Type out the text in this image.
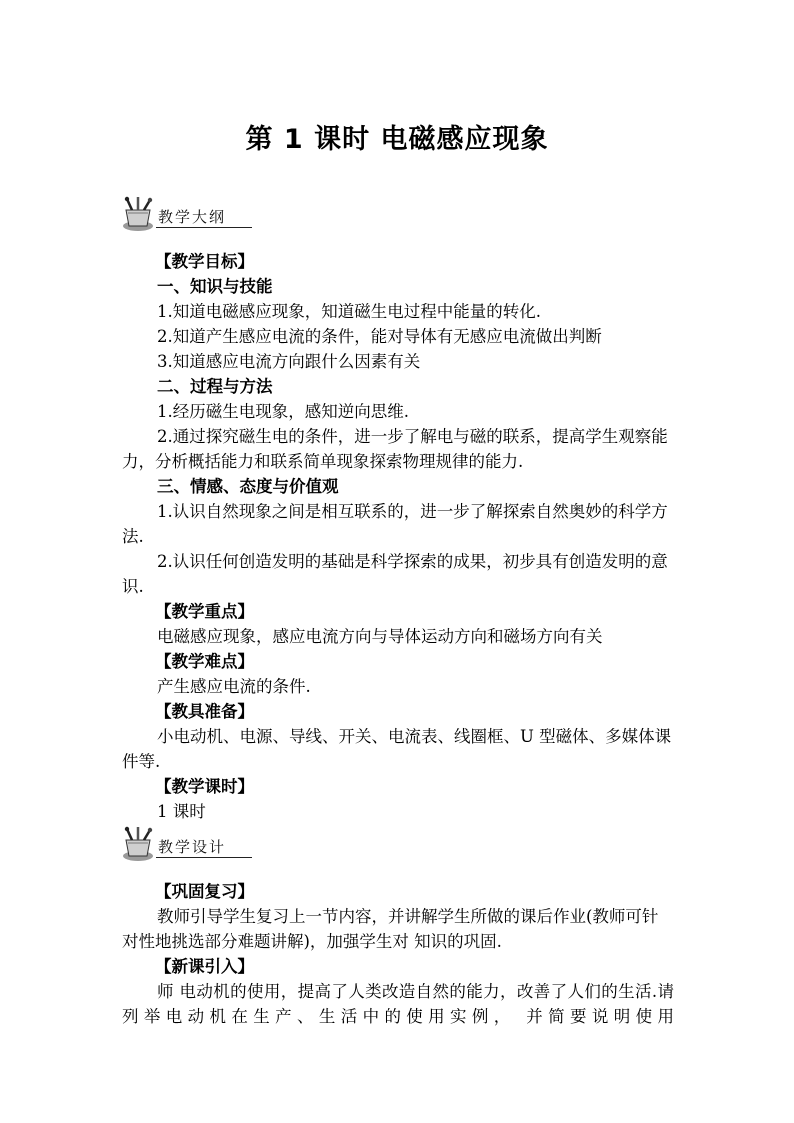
第 1 课时 电磁感应现象
教学大纲

【教学目标】

一、知识与技能

1.知道电磁感应现象，知道磁生电过程中能量的转化.

2.知道产生感应电流的条件，能对导体有无感应电流做出判断

3.知道感应电流方向跟什么因素有关

二、过程与方法

1.经历磁生电现象，感知逆向思维.

2.通过探究磁生电的条件，进一步了解电与磁的联系，提高学生观察能力，分析概括能力和联系简单现象探索物理规律的能力.

三、情感、态度与价值观

1.认识自然现象之间是相互联系的，进一步了解探索自然奥妙的科学方法.

2.认识任何创造发明的基础是科学探索的成果，初步具有创造发明的意识.

【教学重点】

电磁感应现象，感应电流方向与导体运动方向和磁场方向有关

【教学难点】

产生感应电流的条件.

【教具准备】

小电动机、电源、导线、开关、电流表、线圈框、U 型磁体、多媒体课件等.

【教学课时】

1 课时

教学设计

【巩固复习】

教师引导学生复习上一节内容，并讲解学生所做的课后作业(教师可针对性地挑选部分难题讲解)，加强学生对 知识的巩固.

【新课引入】

师 电动机的使用，提高了人类改造自然的能力，改善了人们的生活.请列举电动机在生产、生活中的使用实例， 并简要说明使用
